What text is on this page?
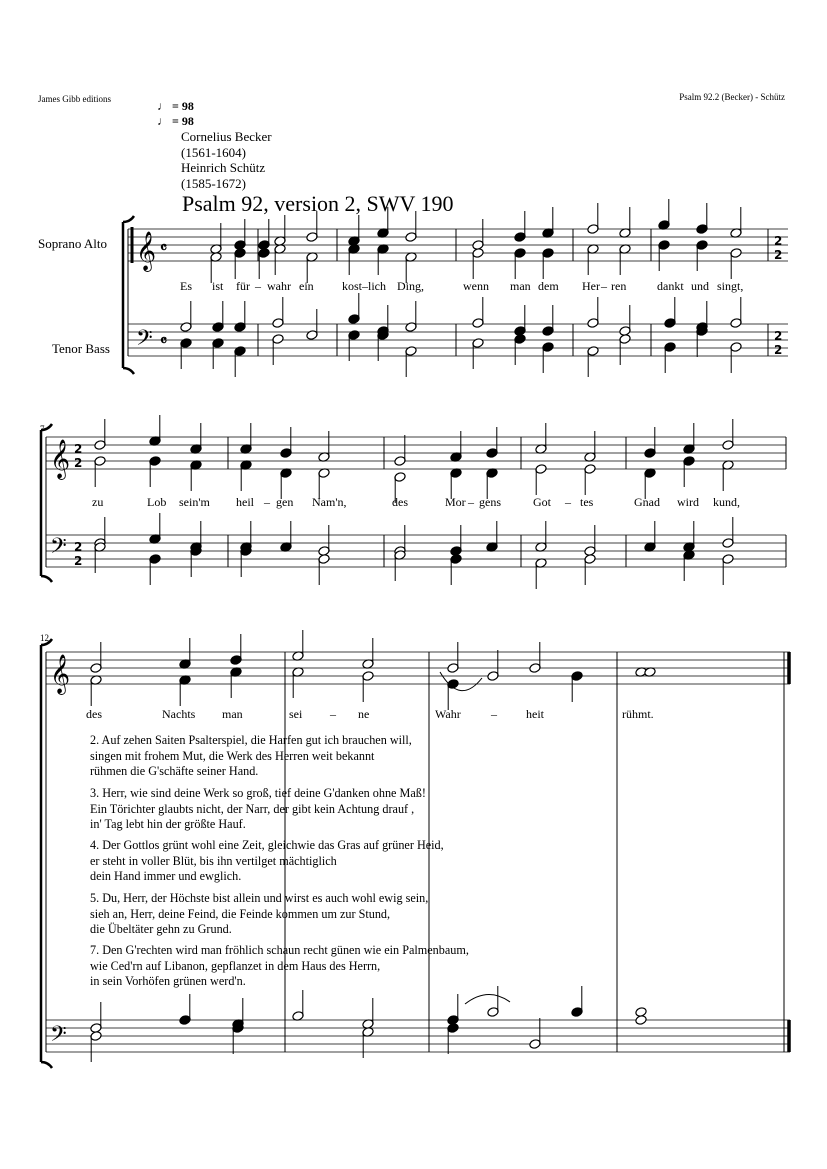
James Gibb editions	Psalm 92.2 (Becker) - Schütz
♩ = 98
♩ = 98
Cornelius Becker
(1561-1604)
Heinrich Schütz
(1585-1672)
Psalm 92, version 2, SWV 190
Soprano Alto
Tenor Bass
7
12
𝄞
𝄢
𝄴
𝄴
2
2
2
2
𝄞
𝄢
2
2
2
2
𝄞
𝄢
Es ist für – wahr ein kost–lich Ding,	wenn man dem Her – ren	dankt und singt,
zu	Lob sein'm heil – gen Nam'n,	des	Mor – gens	Got – tes	Gnad wird kund,
des	Nachts man	sei – ne	Wahr	– heit	rühmt.
2. Auf zehen Saiten Psalterspiel, die Harfen gut ich brauchen will,
singen mit frohem Mut, die Werk des Herren weit bekannt
rühmen die G'schäfte seiner Hand.
3. Herr, wie sind deine Werk so groß, tief deine G'danken ohne Maß!
Ein Törichter glaubts nicht, der Narr, der gibt kein Achtung drauf ,
in' Tag lebt hin der größte Hauf.
4. Der Gottlos grünt wohl eine Zeit, gleichwie das Gras auf grüner Heid,
er steht in voller Blüt, bis ihn vertilget mächtiglich
dein Hand immer und ewglich.
5. Du, Herr, der Höchste bist allein und wirst es auch wohl ewig sein,
sieh an, Herr, deine Feind, die Feinde kommen um zur Stund,
die Übeltäter gehn zu Grund.
7. Den G'rechten wird man fröhlich schaun recht günen wie ein Palmenbaum,
wie Ced'rn auf Libanon, gepflanzet in dem Haus des Herrn,
in sein Vorhöfen grünen werd'n.
